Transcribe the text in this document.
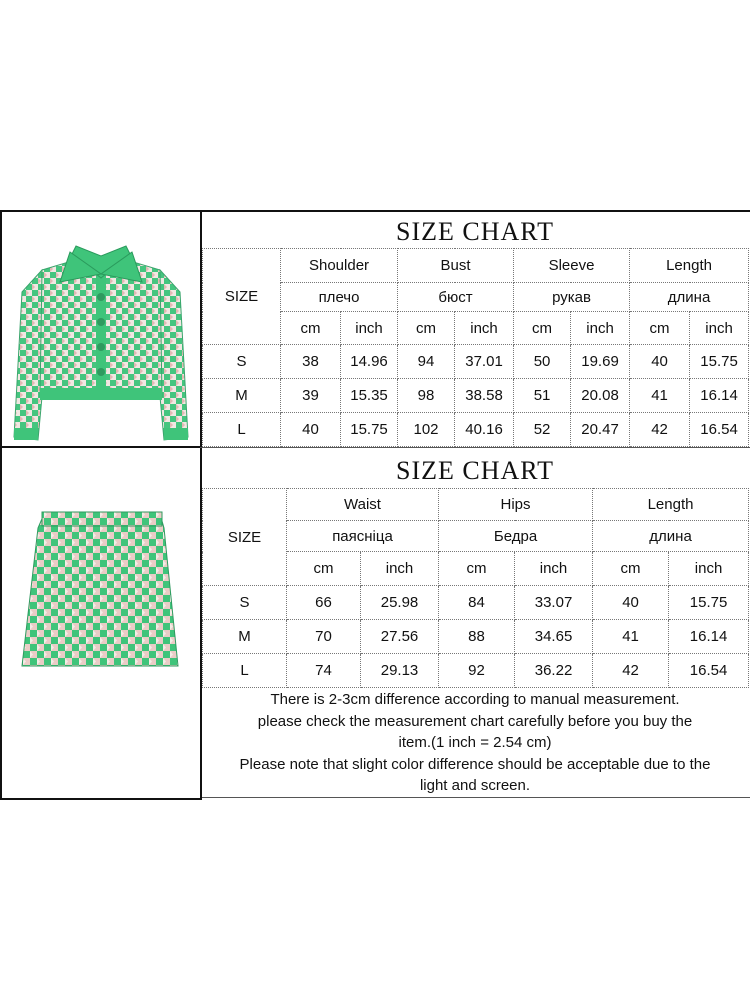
SIZE CHART
SIZE	Shoulder		Bust		Sleeve		Length	
	плечо		бюст		рукав		длина	
	cm	inch	cm	inch	cm	inch	cm	inch
S	38	14.96	94	37.01	50	19.69	40	15.75
M	39	15.35	98	38.58	51	20.08	41	16.14
L	40	15.75	102	40.16	52	20.47	42	16.54
SIZE CHART
SIZE	Waist		Hips		Length	
	паясніца		Бедра		длина	
	cm	inch	cm	inch	cm	inch
S	66	25.98	84	33.07	40	15.75
M	70	27.56	88	34.65	41	16.14
L	74	29.13	92	36.22	42	16.54
There is 2-3cm difference according to manual measurement.
please check the measurement chart carefully before you buy the
item.(1 inch = 2.54 cm)
Please note that slight color difference should be acceptable due to the
light and screen.
